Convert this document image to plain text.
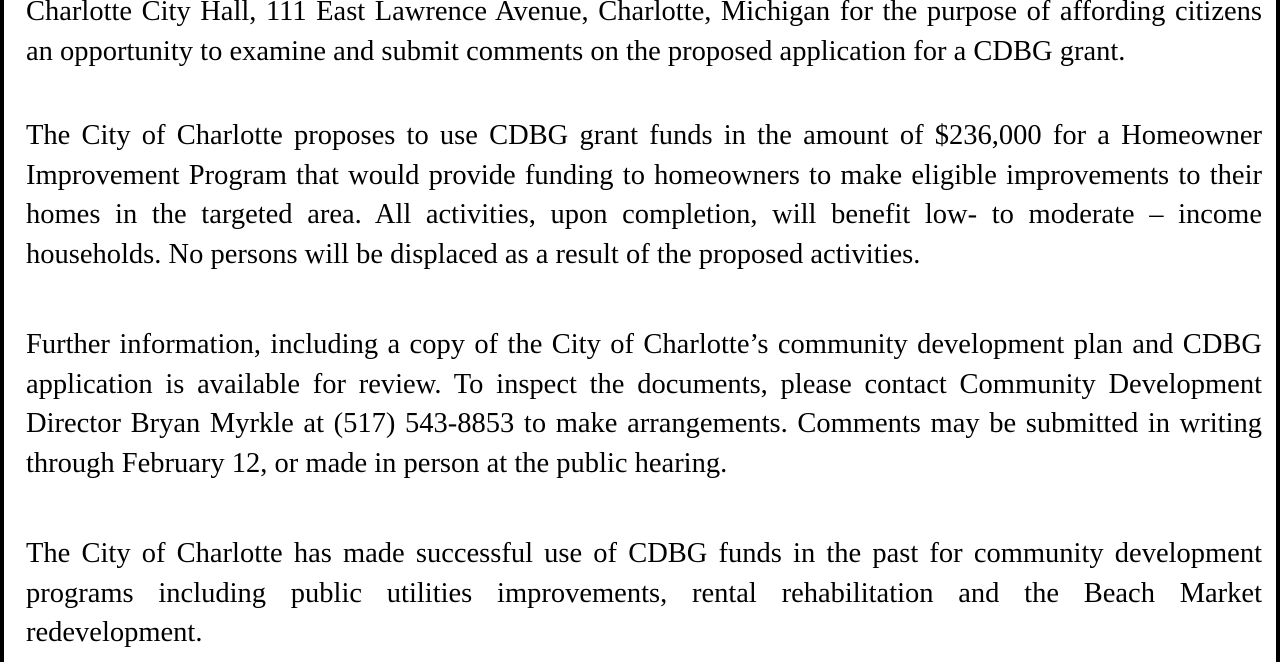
Charlotte City Hall, 111 East Lawrence Avenue, Charlotte, Michigan for the purpose of affording citizens an opportunity to examine and submit comments on the proposed application for a CDBG grant.

The City of Charlotte proposes to use CDBG grant funds in the amount of $236,000 for a Homeowner Improvement Program that would provide funding to homeowners to make eligible improvements to their homes in the targeted area. All activities, upon completion, will benefit low- to moderate – income households. No persons will be displaced as a result of the proposed activities.

Further information, including a copy of the City of Charlotte’s community development plan and CDBG application is available for review. To inspect the documents, please contact Community Development Director Bryan Myrkle at (517) 543-8853 to make arrangements. Comments may be submitted in writing through February 12, or made in person at the public hearing.

The City of Charlotte has made successful use of CDBG funds in the past for community development programs including public utilities improvements, rental rehabilitation and the Beach Market redevelopment.
